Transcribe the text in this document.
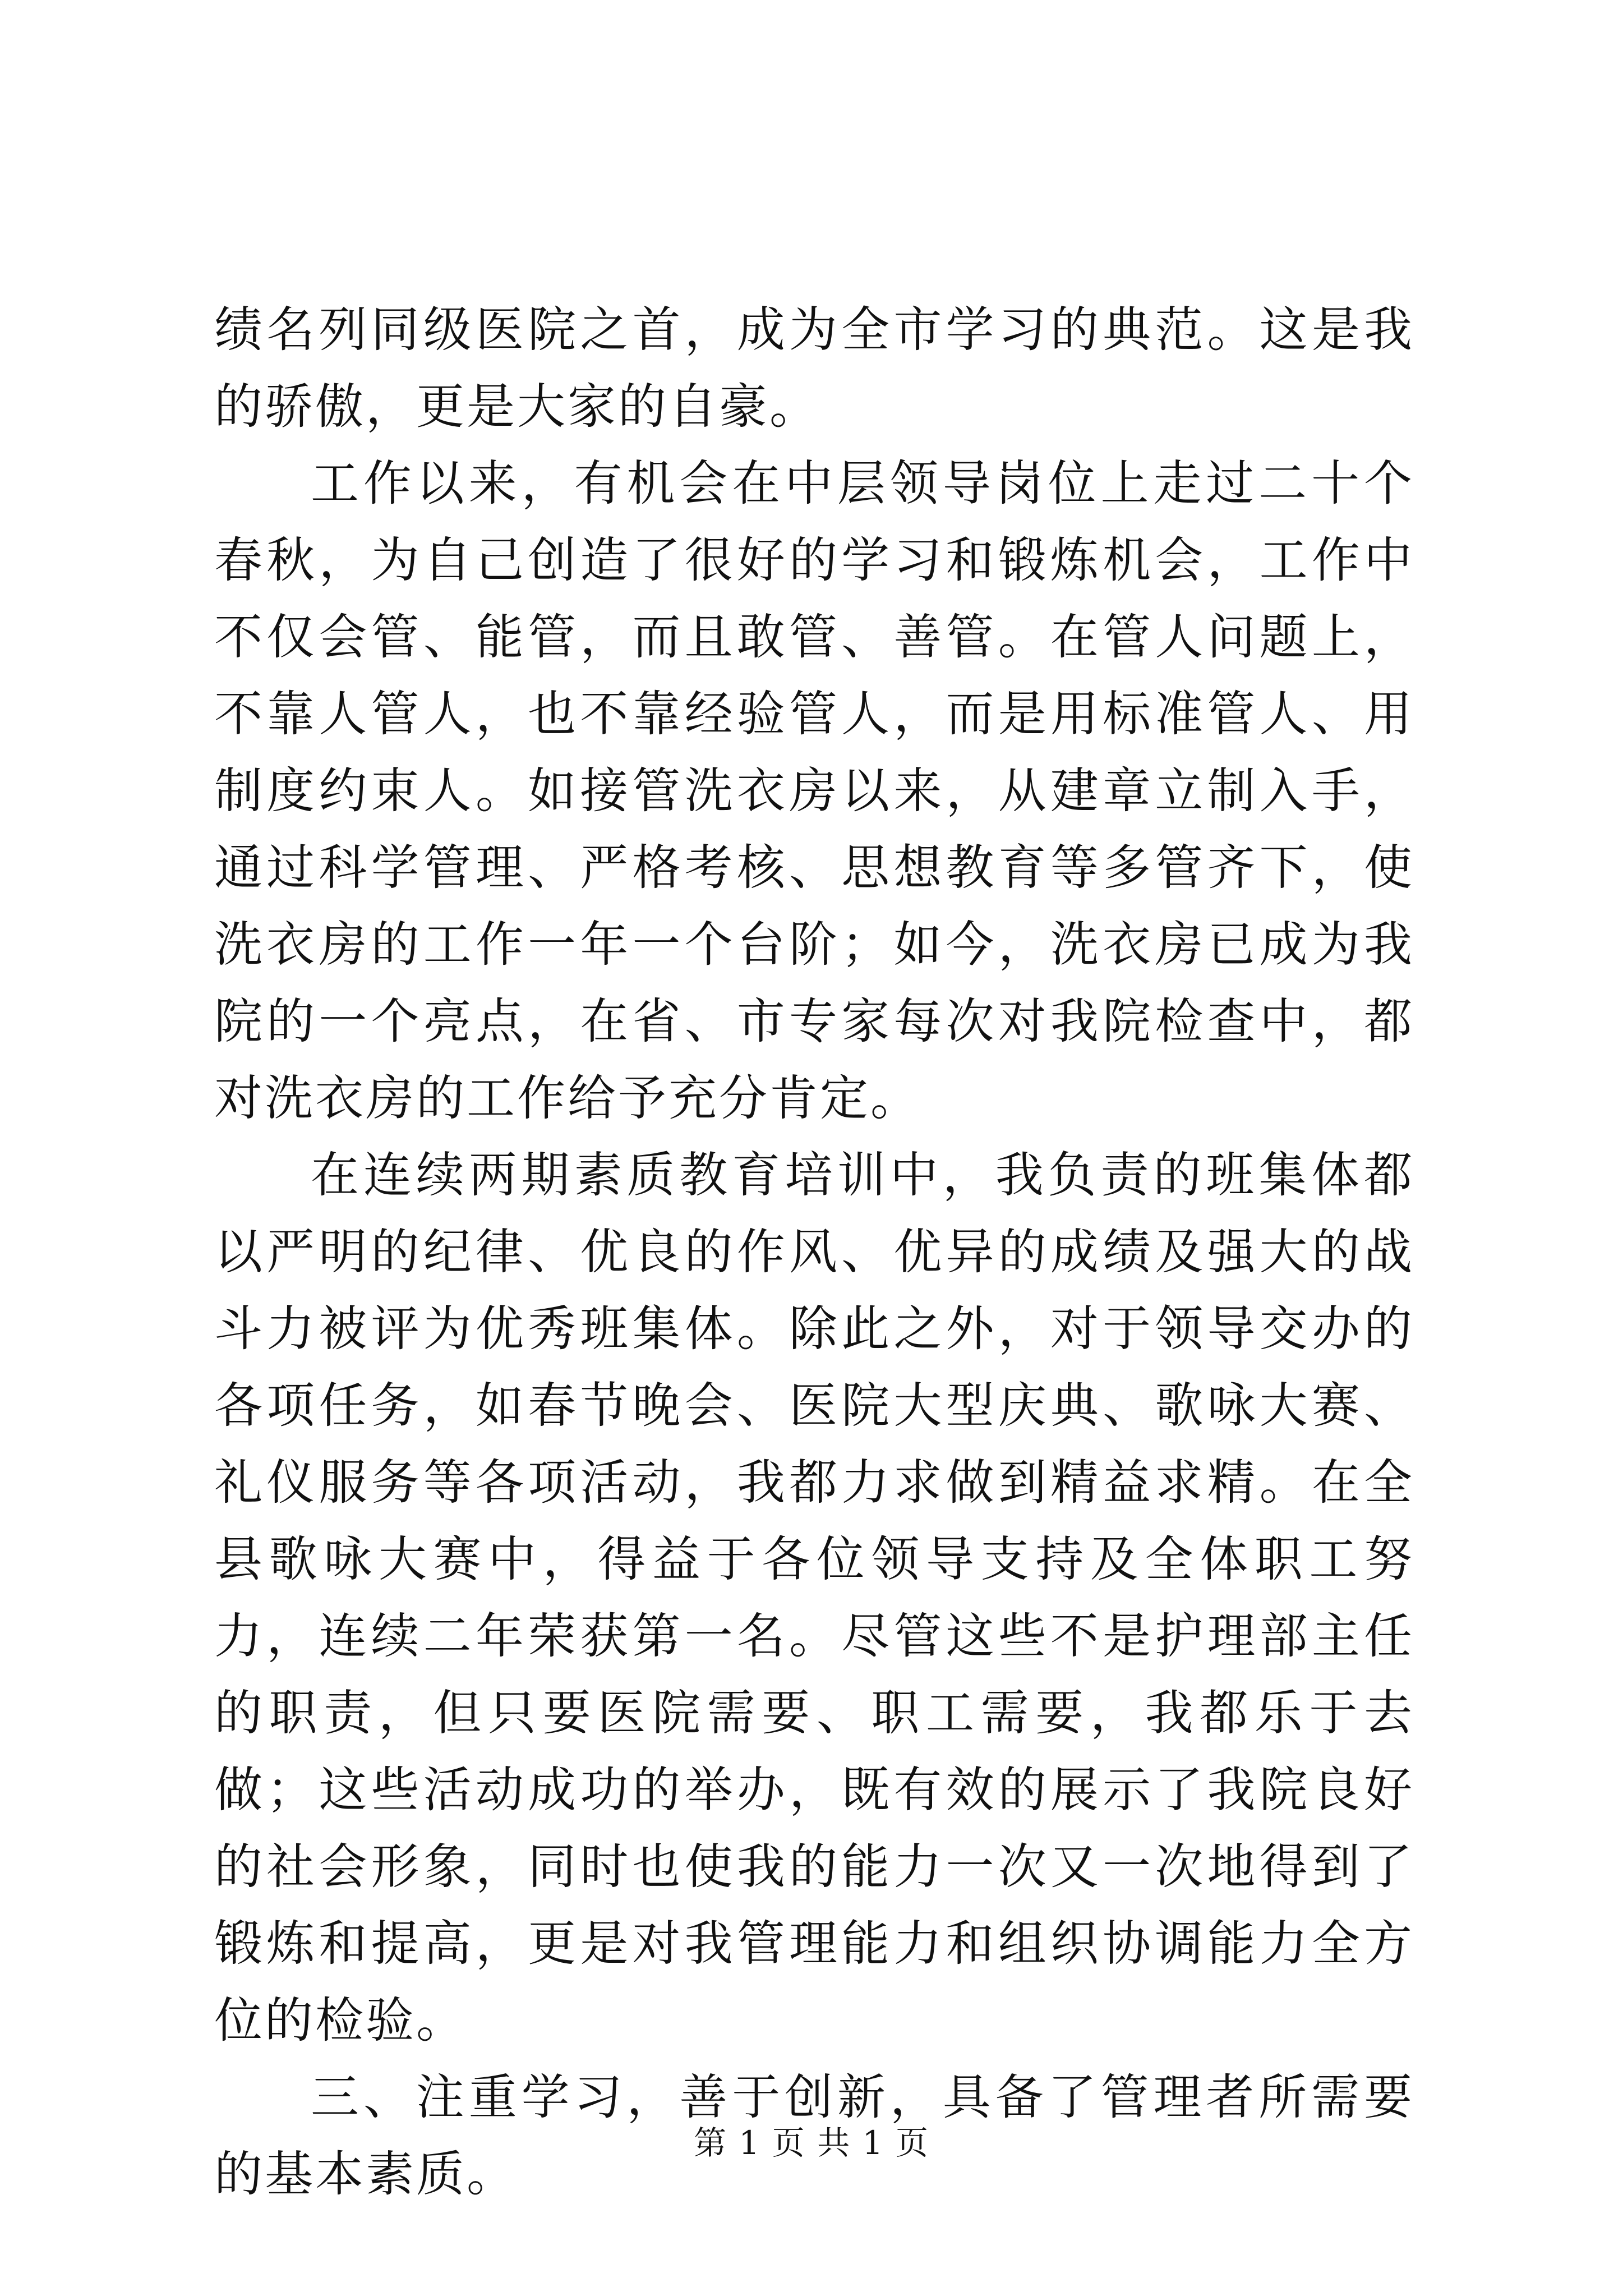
绩名列同级医院之首，成为全市学习的典范。这是我的骄傲，更是大家的自豪。

工作以来，有机会在中层领导岗位上走过二十个春秋，为自己创造了很好的学习和锻炼机会，工作中不仅会管、能管，而且敢管、善管。在管人问题上，不靠人管人，也不靠经验管人，而是用标准管人、用制度约束人。如接管洗衣房以来，从建章立制入手，通过科学管理、严格考核、思想教育等多管齐下，使洗衣房的工作一年一个台阶；如今，洗衣房已成为我院的一个亮点，在省、市专家每次对我院检查中，都对洗衣房的工作给予充分肯定。

在连续两期素质教育培训中，我负责的班集体都以严明的纪律、优良的作风、优异的成绩及强大的战斗力被评为优秀班集体。除此之外，对于领导交办的各项任务，如春节晚会、医院大型庆典、歌咏大赛、礼仪服务等各项活动，我都力求做到精益求精。在全县歌咏大赛中，得益于各位领导支持及全体职工努力，连续二年荣获第一名。尽管这些不是护理部主任的职责，但只要医院需要、职工需要，我都乐于去做；这些活动成功的举办，既有效的展示了我院良好的社会形象，同时也使我的能力一次又一次地得到了锻炼和提高，更是对我管理能力和组织协调能力全方位的检验。

三、注重学习，善于创新，具备了管理者所需要的基本素质。

第 1 页 共 1 页
